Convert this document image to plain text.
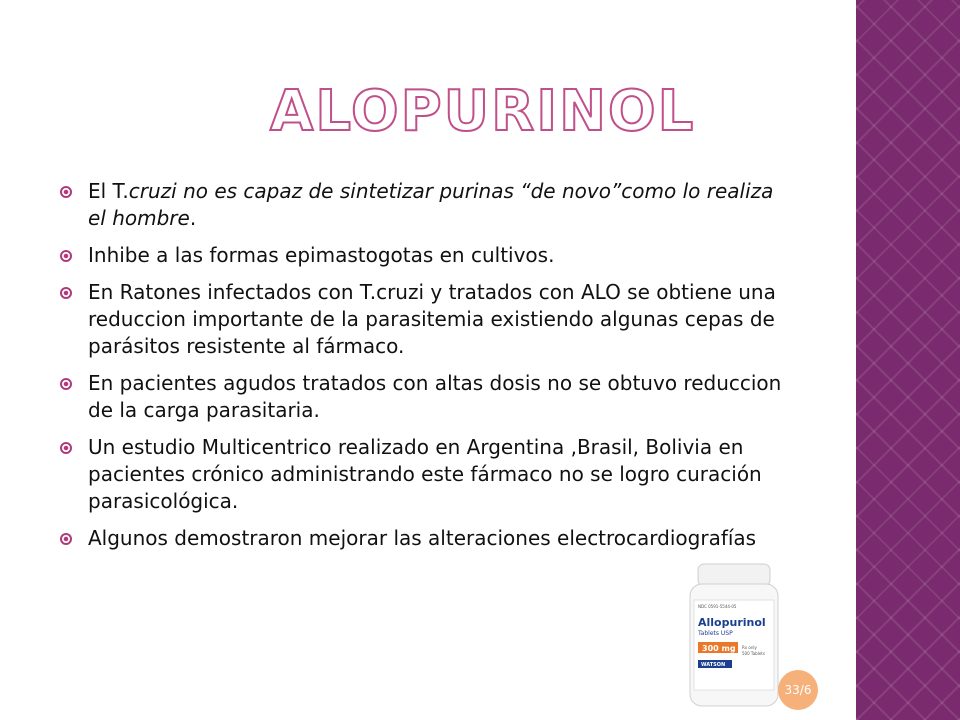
ALOPURINOL
El T.cruzi no es capaz de sintetizar purinas “de novo”como lo realiza el hombre.
Inhibe a las formas epimastogotas en cultivos.
En Ratones infectados con T.cruzi y tratados con ALO se obtiene una reduccion importante de la parasitemia existiendo algunas cepas de parásitos resistente al fármaco.
En pacientes agudos tratados con altas dosis no se obtuvo reduccion de la carga parasitaria.
Un estudio Multicentrico realizado en Argentina ,Brasil, Bolivia en pacientes crónico administrando este fármaco no se logro curación parasicológica.
Algunos demostraron mejorar las alteraciones electrocardiografías
NDC 0591-5544-05
Allopurinol
Tablets USP
300 mg Rx only
500 Tablets
WATSON
33/6
